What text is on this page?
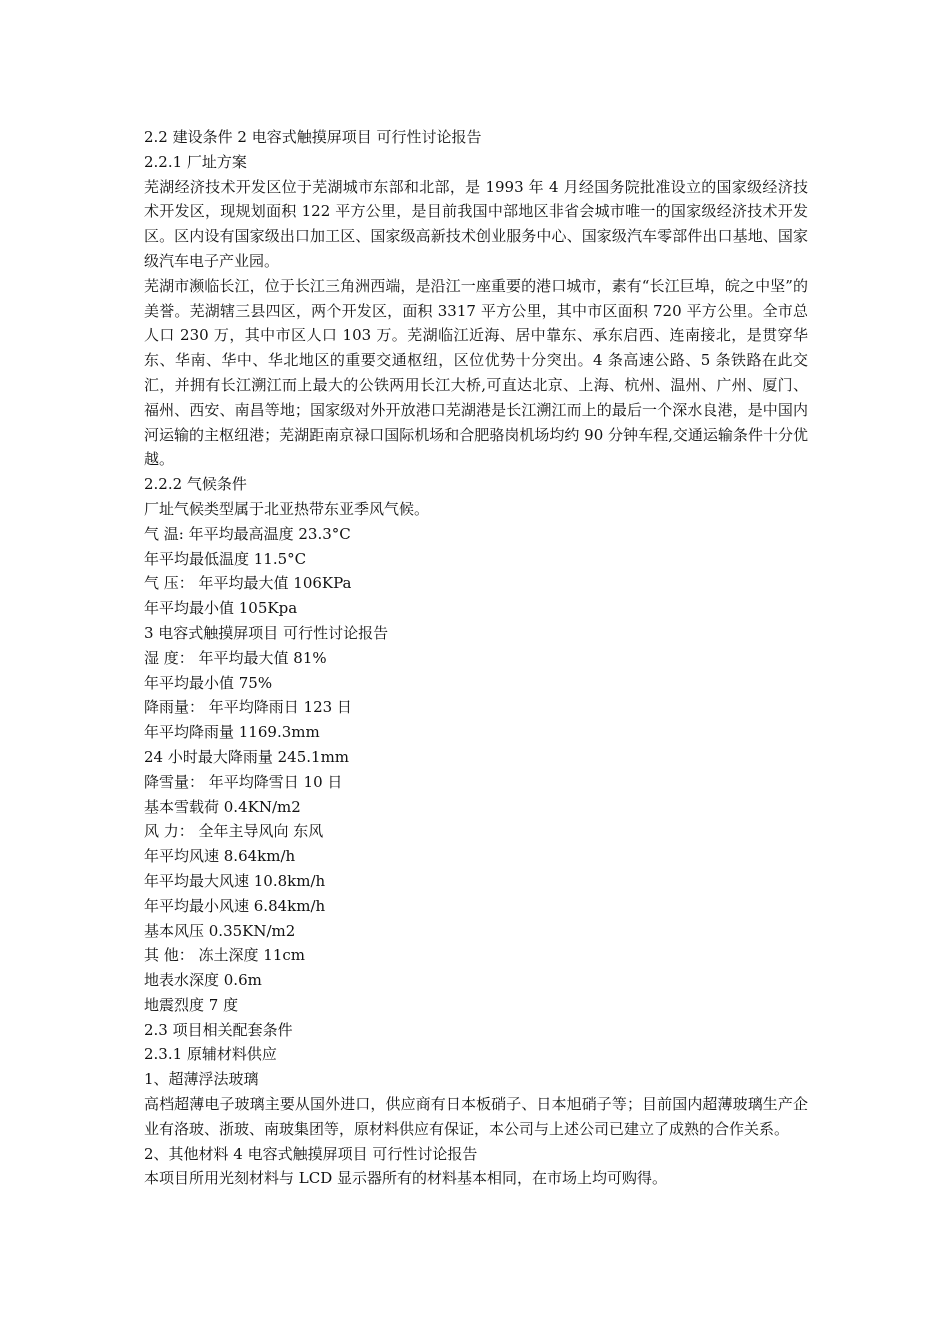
2.2 建设条件 2 电容式触摸屏项目 可行性讨论报告

2.2.1 厂址方案

芜湖经济技术开发区位于芜湖城市东部和北部，是 1993 年 4 月经国务院批准设立的国家级经济技术开发区，现规划面积 122 平方公里，是目前我国中部地区非省会城市唯一的国家级经济技术开发区。区内设有国家级出口加工区、国家级高新技术创业服务中心、国家级汽车零部件出口基地、国家级汽车电子产业园。

芜湖市濒临长江，位于长江三角洲西端，是沿江一座重要的港口城市，素有“长江巨埠，皖之中坚”的美誉。芜湖辖三县四区，两个开发区，面积 3317 平方公里，其中市区面积 720 平方公里。全市总人口 230 万，其中市区人口 103 万。芜湖临江近海、居中靠东、承东启西、连南接北，是贯穿华东、华南、华中、华北地区的重要交通枢纽，区位优势十分突出。4 条高速公路、5 条铁路在此交汇，并拥有长江溯江而上最大的公铁两用长江大桥,可直达北京、上海、杭州、温州、广州、厦门、福州、西安、南昌等地；国家级对外开放港口芜湖港是长江溯江而上的最后一个深水良港，是中国内河运输的主枢纽港；芜湖距南京禄口国际机场和合肥骆岗机场均约 90 分钟车程,交通运输条件十分优越。

2.2.2 气候条件

厂址气候类型属于北亚热带东亚季风气候。

气 温: 年平均最高温度 23.3°C

年平均最低温度 11.5°C

气 压： 年平均最大值 106KPa

年平均最小值 105Kpa

3 电容式触摸屏项目 可行性讨论报告

湿 度： 年平均最大值 81%

年平均最小值 75%

降雨量： 年平均降雨日 123 日

年平均降雨量 1169.3mm

24 小时最大降雨量 245.1mm

降雪量： 年平均降雪日 10 日

基本雪载荷 0.4KN/m2

风 力： 全年主导风向 东风

年平均风速 8.64km/h

年平均最大风速 10.8km/h

年平均最小风速 6.84km/h

基本风压 0.35KN/m2

其 他： 冻土深度 11cm

地表水深度 0.6m

地震烈度 7 度

2.3 项目相关配套条件

2.3.1 原辅材料供应

1、超薄浮法玻璃

高档超薄电子玻璃主要从国外进口，供应商有日本板硝子、日本旭硝子等；目前国内超薄玻璃生产企业有洛玻、浙玻、南玻集团等，原材料供应有保证，本公司与上述公司已建立了成熟的合作关系。

2、其他材料 4 电容式触摸屏项目 可行性讨论报告

本项目所用光刻材料与 LCD 显示器所有的材料基本相同，在市场上均可购得。
